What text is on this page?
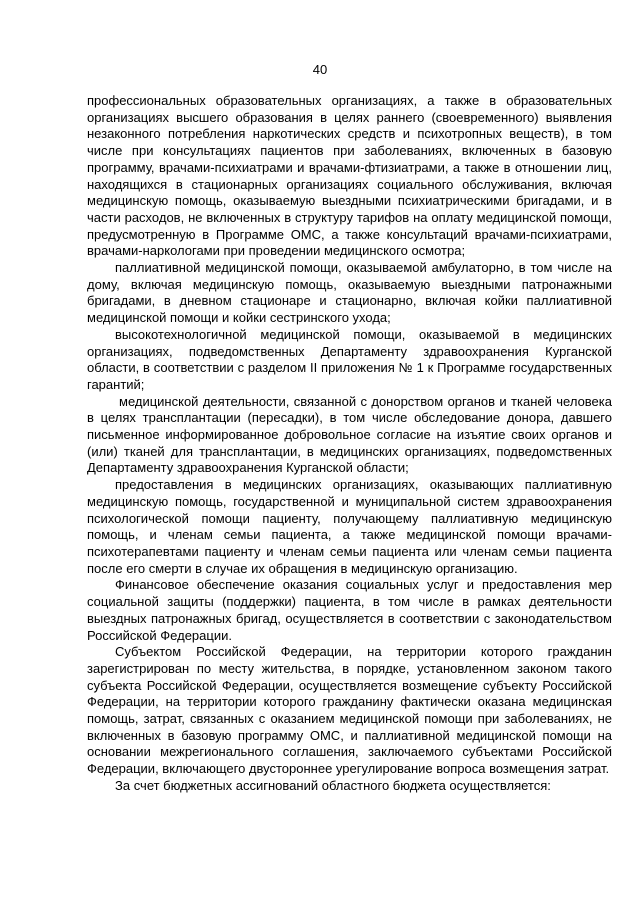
40

профессиональных образовательных организациях, а также в образовательных организациях высшего образования в целях раннего (своевременного) выявления незаконного потребления наркотических средств и психотропных веществ), в том числе при консультациях пациентов при заболеваниях, включенных в базовую программу, врачами-психиатрами и врачами-фтизиатрами, а также в отношении лиц, находящихся в стационарных организациях социального обслуживания, включая медицинскую помощь, оказываемую выездными психиатрическими бригадами, и в части расходов, не включенных в структуру тарифов на оплату медицинской помощи, предусмотренную в Программе ОМС, а также консультаций врачами-психиатрами, врачами-наркологами при проведении медицинского осмотра;

паллиативной медицинской помощи, оказываемой амбулаторно, в том числе на дому, включая медицинскую помощь, оказываемую выездными патронажными бригадами, в дневном стационаре и стационарно, включая койки паллиативной медицинской помощи и койки сестринского ухода;

высокотехнологичной медицинской помощи, оказываемой в медицинских организациях, подведомственных Департаменту здравоохранения Курганской области, в соответствии с разделом II приложения № 1 к Программе государственных гарантий;

медицинской деятельности, связанной с донорством органов и тканей человека в целях трансплантации (пересадки), в том числе обследование донора, давшего письменное информированное добровольное согласие на изъятие своих органов и (или) тканей для трансплантации, в медицинских организациях, подведомственных Департаменту здравоохранения Курганской области;

предоставления в медицинских организациях, оказывающих паллиативную медицинскую помощь, государственной и муниципальной систем здравоохранения психологической помощи пациенту, получающему паллиативную медицинскую помощь, и членам семьи пациента, а также медицинской помощи врачами-психотерапевтами пациенту и членам семьи пациента или членам семьи пациента после его смерти в случае их обращения в медицинскую организацию.

Финансовое обеспечение оказания социальных услуг и предоставления мер социальной защиты (поддержки) пациента, в том числе в рамках деятельности выездных патронажных бригад, осуществляется в соответствии с законодательством Российской Федерации.

Субъектом Российской Федерации, на территории которого гражданин зарегистрирован по месту жительства, в порядке, установленном законом такого субъекта Российской Федерации, осуществляется возмещение субъекту Российской Федерации, на территории которого гражданину фактически оказана медицинская помощь, затрат, связанных с оказанием медицинской помощи при заболеваниях, не включенных в базовую программу ОМС, и паллиативной медицинской помощи на основании межрегионального соглашения, заключаемого субъектами Российской Федерации, включающего двустороннее урегулирование вопроса возмещения затрат.

За счет бюджетных ассигнований областного бюджета осуществляется:
